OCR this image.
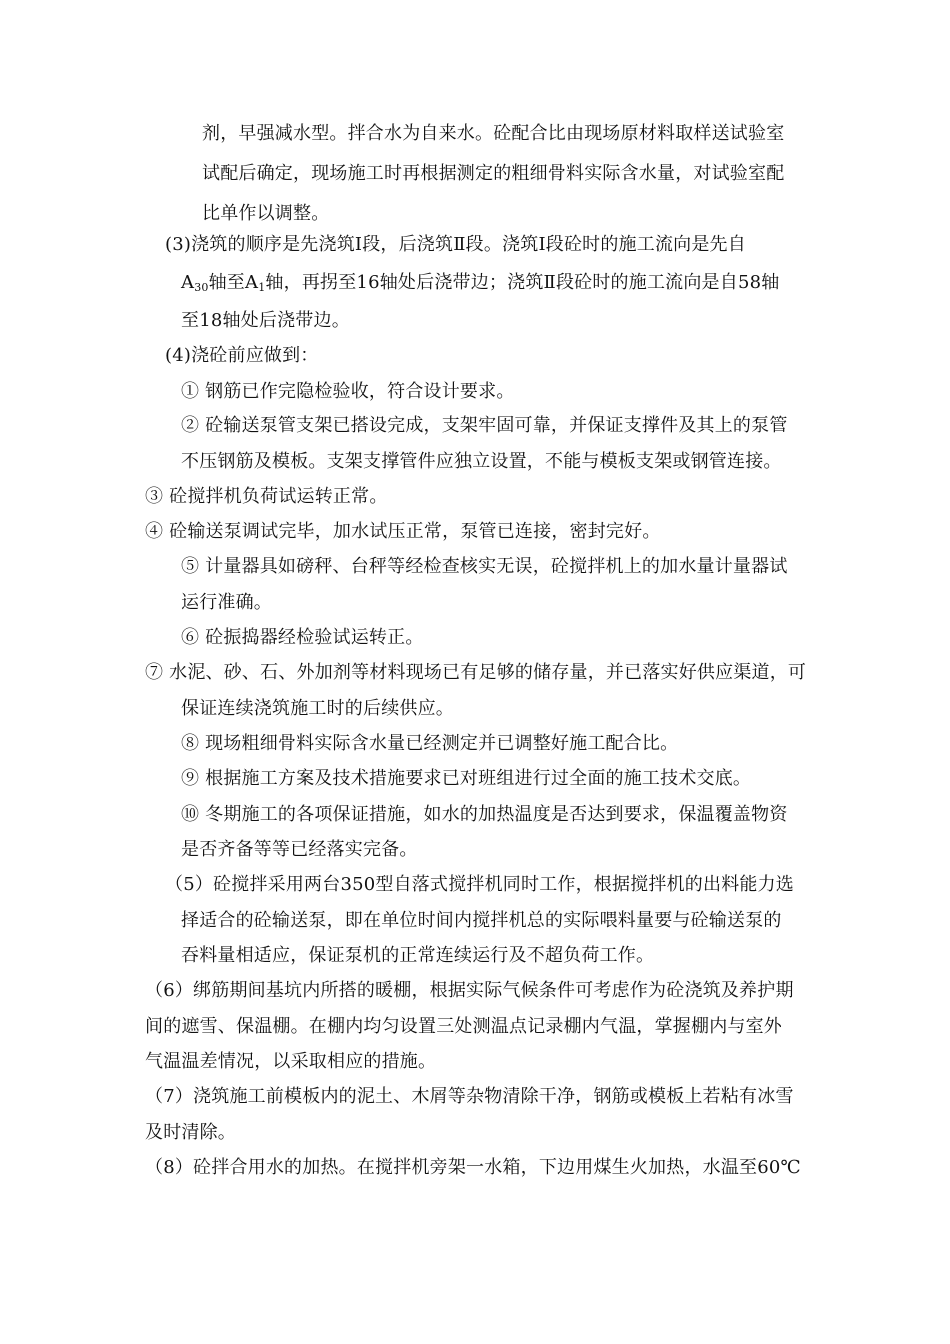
剂，早强减水型。拌合水为自来水。砼配合比由现场原材料取样送试验室
试配后确定，现场施工时再根据测定的粗细骨料实际含水量，对试验室配
比单作以调整。
(3)浇筑的顺序是先浇筑Ⅰ段，后浇筑Ⅱ段。浇筑Ⅰ段砼时的施工流向是先自
$A_{30}$轴至$A_1$轴，再拐至16轴处后浇带边；浇筑Ⅱ段砼时的施工流向是自58轴
至18轴处后浇带边。
(4)浇砼前应做到：
① 钢筋已作完隐检验收，符合设计要求。
② 砼输送泵管支架已搭设完成，支架牢固可靠，并保证支撑件及其上的泵管
不压钢筋及模板。支架支撑管件应独立设置，不能与模板支架或钢管连接。
③ 砼搅拌机负荷试运转正常。
④ 砼输送泵调试完毕，加水试压正常，泵管已连接，密封完好。
⑤ 计量器具如磅秤、台秤等经检查核实无误，砼搅拌机上的加水量计量器试
运行准确。
⑥ 砼振捣器经检验试运转正。
⑦ 水泥、砂、石、外加剂等材料现场已有足够的储存量，并已落实好供应渠道，可
保证连续浇筑施工时的后续供应。
⑧ 现场粗细骨料实际含水量已经测定并已调整好施工配合比。
⑨ 根据施工方案及技术措施要求已对班组进行过全面的施工技术交底。
⑩ 冬期施工的各项保证措施，如水的加热温度是否达到要求，保温覆盖物资
是否齐备等等已经落实完备。
（5）砼搅拌采用两台350型自落式搅拌机同时工作，根据搅拌机的出料能力选
择适合的砼输送泵，即在单位时间内搅拌机总的实际喂料量要与砼输送泵的
吞料量相适应，保证泵机的正常连续运行及不超负荷工作。
（6）绑筋期间基坑内所搭的暖棚，根据实际气候条件可考虑作为砼浇筑及养护期
间的遮雪、保温棚。在棚内均匀设置三处测温点记录棚内气温，掌握棚内与室外
气温温差情况，以采取相应的措施。
（7）浇筑施工前模板内的泥土、木屑等杂物清除干净，钢筋或模板上若粘有冰雪
及时清除。
（8）砼拌合用水的加热。在搅拌机旁架一水箱，下边用煤生火加热，水温至60℃
